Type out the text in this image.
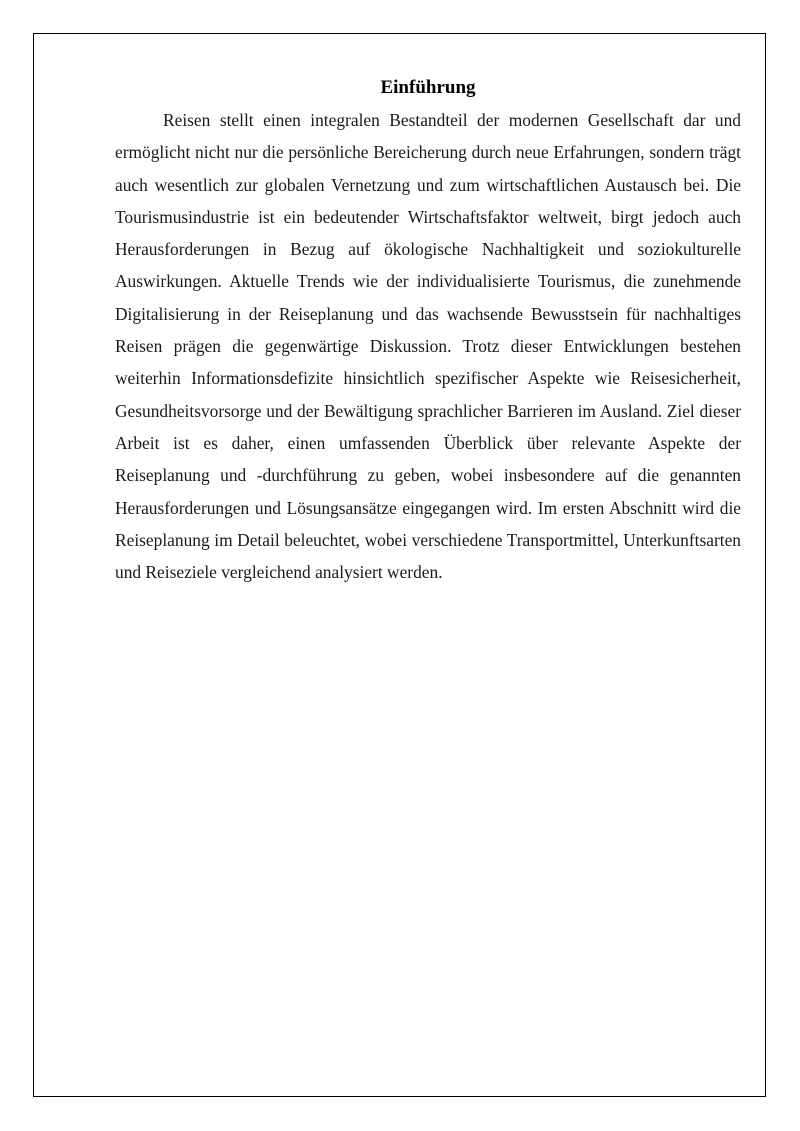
Einführung

Reisen stellt einen integralen Bestandteil der modernen Gesellschaft dar und ermöglicht nicht nur die persönliche Bereicherung durch neue Erfahrungen, sondern trägt auch wesentlich zur globalen Vernetzung und zum wirtschaftlichen Austausch bei. Die Tourismusindustrie ist ein bedeutender Wirtschaftsfaktor weltweit, birgt jedoch auch Herausforderungen in Bezug auf ökologische Nachhaltigkeit und soziokulturelle Auswirkungen. Aktuelle Trends wie der individualisierte Tourismus, die zunehmende Digitalisierung in der Reiseplanung und das wachsende Bewusstsein für nachhaltiges Reisen prägen die gegenwärtige Diskussion. Trotz dieser Entwicklungen bestehen weiterhin Informationsdefizite hinsichtlich spezifischer Aspekte wie Reisesicherheit, Gesundheitsvorsorge und der Bewältigung sprachlicher Barrieren im Ausland. Ziel dieser Arbeit ist es daher, einen umfassenden Überblick über relevante Aspekte der Reiseplanung und -durchführung zu geben, wobei insbesondere auf die genannten Herausforderungen und Lösungsansätze eingegangen wird. Im ersten Abschnitt wird die Reiseplanung im Detail beleuchtet, wobei verschiedene Transportmittel, Unterkunftsarten und Reiseziele vergleichend analysiert werden.
